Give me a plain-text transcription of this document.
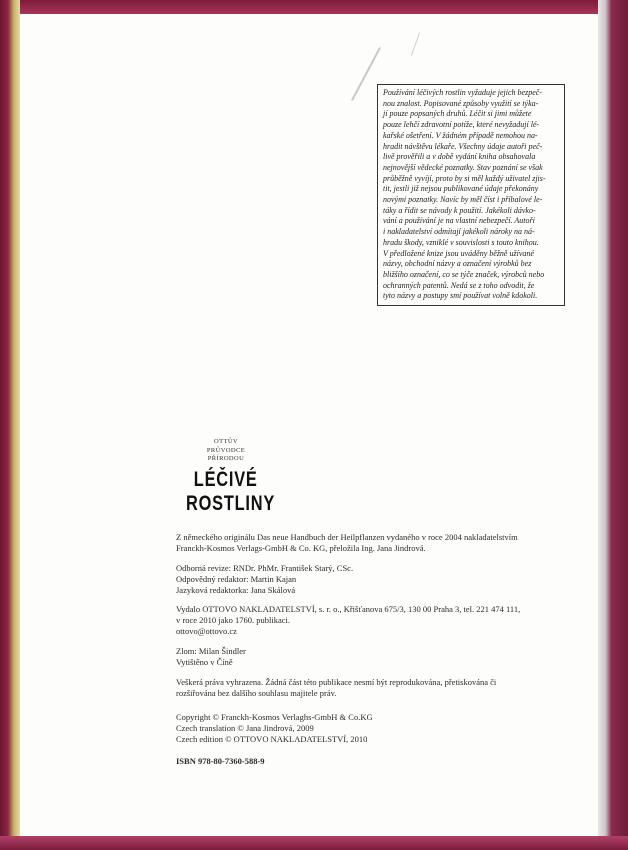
Používání léčivých rostlin vyžaduje jejich bezpeč-
nou znalost. Popisované způsoby využití se týka-
jí pouze popsaných druhů. Léčit si jimi můžete
pouze lehčí zdravotní potíže, které nevyžadují lé-
kařské ošetření. V žádném případě nemohou na-
hradit návštěvu lékaře. Všechny údaje autoři peč-
livě prověřili a v době vydání kniha obsahovala
nejnovější vědecké poznatky. Stav poznání se však
průběžně vyvíjí, proto by si měl každý uživatel zjis-
tit, jestli již nejsou publikované údaje překonány
novými poznatky. Navíc by měl číst i příbalové le-
táky a řídit se návody k použití. Jakékoli dávko-
vání a používání je na vlastní nebezpečí. Autoři
i nakladatelství odmítají jakékoli nároky na ná-
hradu škody, vzniklé v souvislosti s touto knihou.
V předložené knize jsou uváděny běžně užívané
názvy, obchodní názvy a označení výrobků bez
bližšího označení, co se týče značek, výrobců nebo
ochranných patentů. Nedá se z toho odvodit, že
tyto názvy a postupy smí používat volně kdokoli.
OTTŮV
PRŮVODCE
PŘÍRODOU
LÉČIVÉ
ROSTLINY
Z německého originálu Das neue Handbuch der Heilpflanzen vydaného v roce 2004 nakladatelstvím
Franckh-Kosmos Verlags-GmbH & Co. KG, přeložila Ing. Jana Jindrová.
Odborná revize: RNDr. PhMr. František Starý, CSc.
Odpovědný redaktor: Martin Kajan
Jazyková redaktorka: Jana Skálová
Vydalo OTTOVO NAKLADATELSTVÍ, s. r. o., Křišťanova 675/3, 130 00 Praha 3, tel. 221 474 111,
v roce 2010 jako 1760. publikaci.
ottovo@ottovo.cz
Zlom: Milan Šindler
Vytištěno v Číně
Veškerá práva vyhrazena. Žádná část této publikace nesmí být reprodukována, přetiskována či
rozšiřována bez dalšího souhlasu majitele práv.
Copyright © Franckh-Kosmos Verlaghs-GmbH & Co.KG
Czech translation © Jana Jindrová, 2009
Czech edition © OTTOVO NAKLADATELSTVÍ, 2010
ISBN 978-80-7360-588-9
